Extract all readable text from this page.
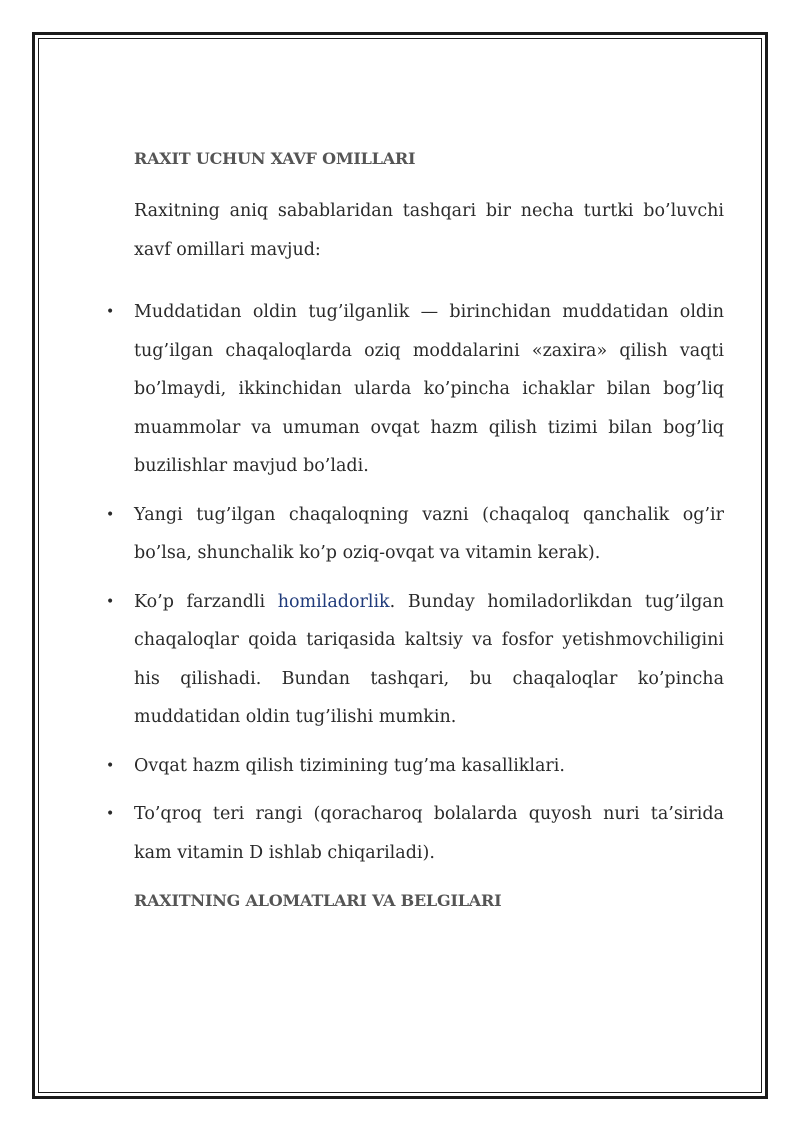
RAXIT UCHUN XAVF OMILLARI

Raxitning aniq sabablaridan tashqari bir necha turtki bo’luvchi xavf omillari mavjud:

• Muddatidan oldin tug’ilganlik — birinchidan muddatidan oldin tug’ilgan chaqaloqlarda oziq moddalarini «zaxira» qilish vaqti bo’lmaydi, ikkinchidan ularda ko’pincha ichaklar bilan bog’liq muammolar va umuman ovqat hazm qilish tizimi bilan bog’liq buzilishlar mavjud bo’ladi.
• Yangi tug’ilgan chaqaloqning vazni (chaqaloq qanchalik og’ir bo’lsa, shunchalik ko’p oziq-ovqat va vitamin kerak).
• Ko’p farzandli homiladorlik. Bunday homiladorlikdan tug’ilgan chaqaloqlar qoida tariqasida kaltsiy va fosfor yetishmovchiligini his qilishadi. Bundan tashqari, bu chaqaloqlar ko’pincha muddatidan oldin tug’ilishi mumkin.
• Ovqat hazm qilish tizimining tug’ma kasalliklari.
• To’qroq teri rangi (qoracharoq bolalarda quyosh nuri ta’sirida kam vitamin D ishlab chiqariladi).
RAXITNING ALOMATLARI VA BELGILARI
